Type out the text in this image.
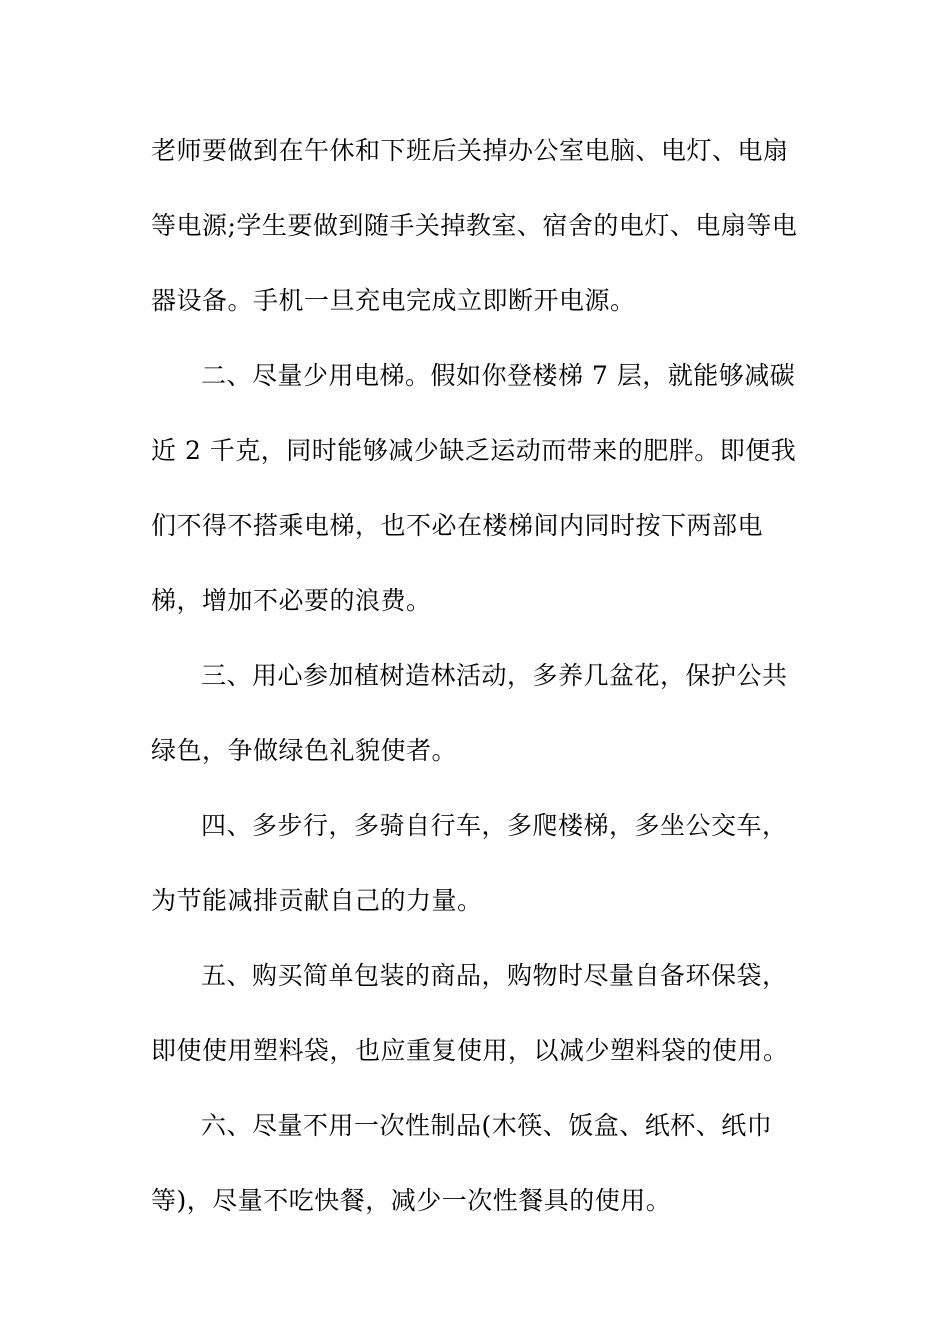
老师要做到在午休和下班后关掉办公室电脑、电灯、电扇
等电源;学生要做到随手关掉教室、宿舍的电灯、电扇等电
器设备。手机一旦充电完成立即断开电源。
二、尽量少用电梯。假如你登楼梯 7 层，就能够减碳
近 2 千克，同时能够减少缺乏运动而带来的肥胖。即便我
们不得不搭乘电梯，也不必在楼梯间内同时按下两部电
梯，增加不必要的浪费。
三、用心参加植树造林活动，多养几盆花，保护公共
绿色，争做绿色礼貌使者。
四、多步行，多骑自行车，多爬楼梯，多坐公交车，
为节能减排贡献自己的力量。
五、购买简单包装的商品，购物时尽量自备环保袋，
即使使用塑料袋，也应重复使用，以减少塑料袋的使用。
六、尽量不用一次性制品(木筷、饭盒、纸杯、纸巾
等)，尽量不吃快餐，减少一次性餐具的使用。
